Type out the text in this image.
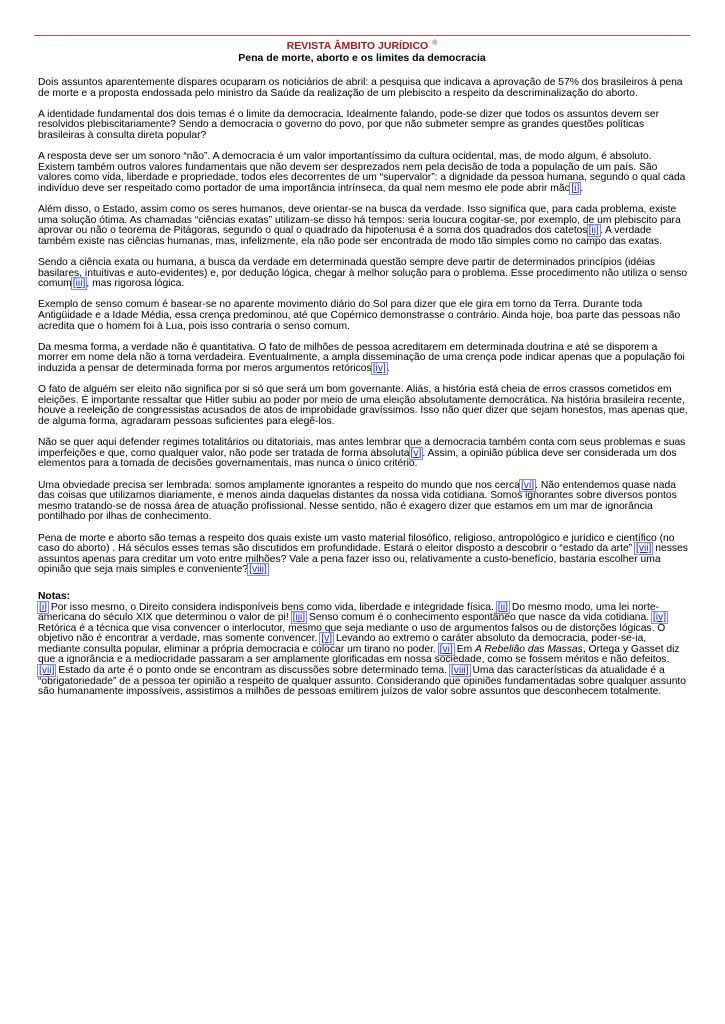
REVISTA ÂMBITO JURÍDICO ®
Pena de morte, aborto e os limites da democracia

Dois assuntos aparentemente díspares ocuparam os noticiários de abril: a pesquisa que indicava a aprovação de 57% dos brasileiros à pena de morte e a proposta endossada pelo ministro da Saúde da realização de um plebiscito a respeito da descriminalização do aborto.

A identidade fundamental dos dois temas é o limite da democracia. Idealmente falando, pode-se dizer que todos os assuntos devem ser resolvidos plebiscitariamente? Sendo a democracia o governo do povo, por que não submeter sempre as grandes questões políticas brasileiras à consulta direta popular?

A resposta deve ser um sonoro “não”. A democracia é um valor importantíssimo da cultura ocidental, mas, de modo algum, é absoluto. Existem também outros valores fundamentais que não devem ser desprezados nem pela decisão de toda a população de um país. São valores como vida, liberdade e propriedade, todos eles decorrentes de um “supervalor”: a dignidade da pessoa humana, segundo o qual cada indivíduo deve ser respeitado como portador de uma importância intrínseca, da qual nem mesmo ele pode abrir mão[i].

Além disso, o Estado, assim como os seres humanos, deve orientar-se na busca da verdade. Isso significa que, para cada problema, existe uma solução ótima. As chamadas “ciências exatas” utilizam-se disso há tempos: seria loucura cogitar-se, por exemplo, de um plebiscito para aprovar ou não o teorema de Pitágoras, segundo o qual o quadrado da hipotenusa é a soma dos quadrados dos catetos[ii]. A verdade também existe nas ciências humanas, mas, infelizmente, ela não pode ser encontrada de modo tão simples como no campo das exatas.

Sendo a ciência exata ou humana, a busca da verdade em determinada questão sempre deve partir de determinados princípios (idéias basilares, intuitivas e auto-evidentes) e, por dedução lógica, chegar à melhor solução para o problema. Esse procedimento não utiliza o senso comum[iii], mas rigorosa lógica.

Exemplo de senso comum é basear-se no aparente movimento diário do Sol para dizer que ele gira em torno da Terra. Durante toda Antigüidade e a Idade Média, essa crença predominou, até que Copérnico demonstrasse o contrário. Ainda hoje, boa parte das pessoas não acredita que o homem foi à Lua, pois isso contraria o senso comum.

Da mesma forma, a verdade não é quantitativa. O fato de milhões de pessoa acreditarem em determinada doutrina e até se disporem a morrer em nome dela não a torna verdadeira. Eventualmente, a ampla disseminação de uma crença pode indicar apenas que a população foi induzida a pensar de determinada forma por meros argumentos retóricos[iv].

O fato de alguém ser eleito não significa por si só que será um bom governante. Aliás, a história está cheia de erros crassos cometidos em eleições. É importante ressaltar que Hitler subiu ao poder por meio de uma eleição absolutamente democrática. Na história brasileira recente, houve a reeleição de congressistas acusados de atos de improbidade gravíssimos. Isso não quer dizer que sejam honestos, mas apenas que, de alguma forma, agradaram pessoas suficientes para elegê-los.

Não se quer aqui defender regimes totalitários ou ditatoriais, mas antes lembrar que a democracia também conta com seus problemas e suas imperfeições e que, como qualquer valor, não pode ser tratada de forma absoluta[v]. Assim, a opinião pública deve ser considerada um dos elementos para a tomada de decisões governamentais, mas nunca o único critério.

Uma obviedade precisa ser lembrada: somos amplamente ignorantes a respeito do mundo que nos cerca[vi]. Não entendemos quase nada das coisas que utilizamos diariamente, e menos ainda daquelas distantes da nossa vida cotidiana. Somos ignorantes sobre diversos pontos mesmo tratando-se de nossa área de atuação profissional. Nesse sentido, não é exagero dizer que estamos em um mar de ignorância pontilhado por ilhas de conhecimento.

Pena de morte e aborto são temas a respeito dos quais existe um vasto material filosófico, religioso, antropológico e jurídico e científico (no caso do aborto) . Há séculos esses temas são discutidos em profundidade. Estará o eleitor disposto a descobrir o “estado da arte” [vii] nesses assuntos apenas para creditar um voto entre milhões? Vale a pena fazer isso ou, relativamente a custo-benefício, bastaria escolher uma opinião que seja mais simples e conveniente?[viii]

Notas:

[i] Por isso mesmo, o Direito considera indisponíveis bens como vida, liberdade e integridade física. [ii] Do mesmo modo, uma lei norte-americana do século XIX que determinou o valor de pi! [iii] Senso comum é o conhecimento espontâneo que nasce da vida cotidiana. [iv] Retórica é a técnica que visa convencer o interlocutor, mesmo que seja mediante o uso de argumentos falsos ou de distorções lógicas. O objetivo não é encontrar a verdade, mas somente convencer. [v] Levando ao extremo o caráter absoluto da democracia, poder-se-ia, mediante consulta popular, eliminar a própria democracia e colocar um tirano no poder. [vi] Em A Rebelião das Massas, Ortega y Gasset diz que a ignorância e a mediocridade passaram a ser amplamente glorificadas em nossa sociedade, como se fossem méritos e não defeitos. [vii] Estado da arte é o ponto onde se encontram as discussões sobre determinado tema. [viii] Uma das características da atualidade é a “obrigatoriedade” de a pessoa ter opinião a respeito de qualquer assunto. Considerando que opiniões fundamentadas sobre qualquer assunto são humanamente impossíveis, assistimos a milhões de pessoas emitirem juízos de valor sobre assuntos que desconhecem totalmente.
